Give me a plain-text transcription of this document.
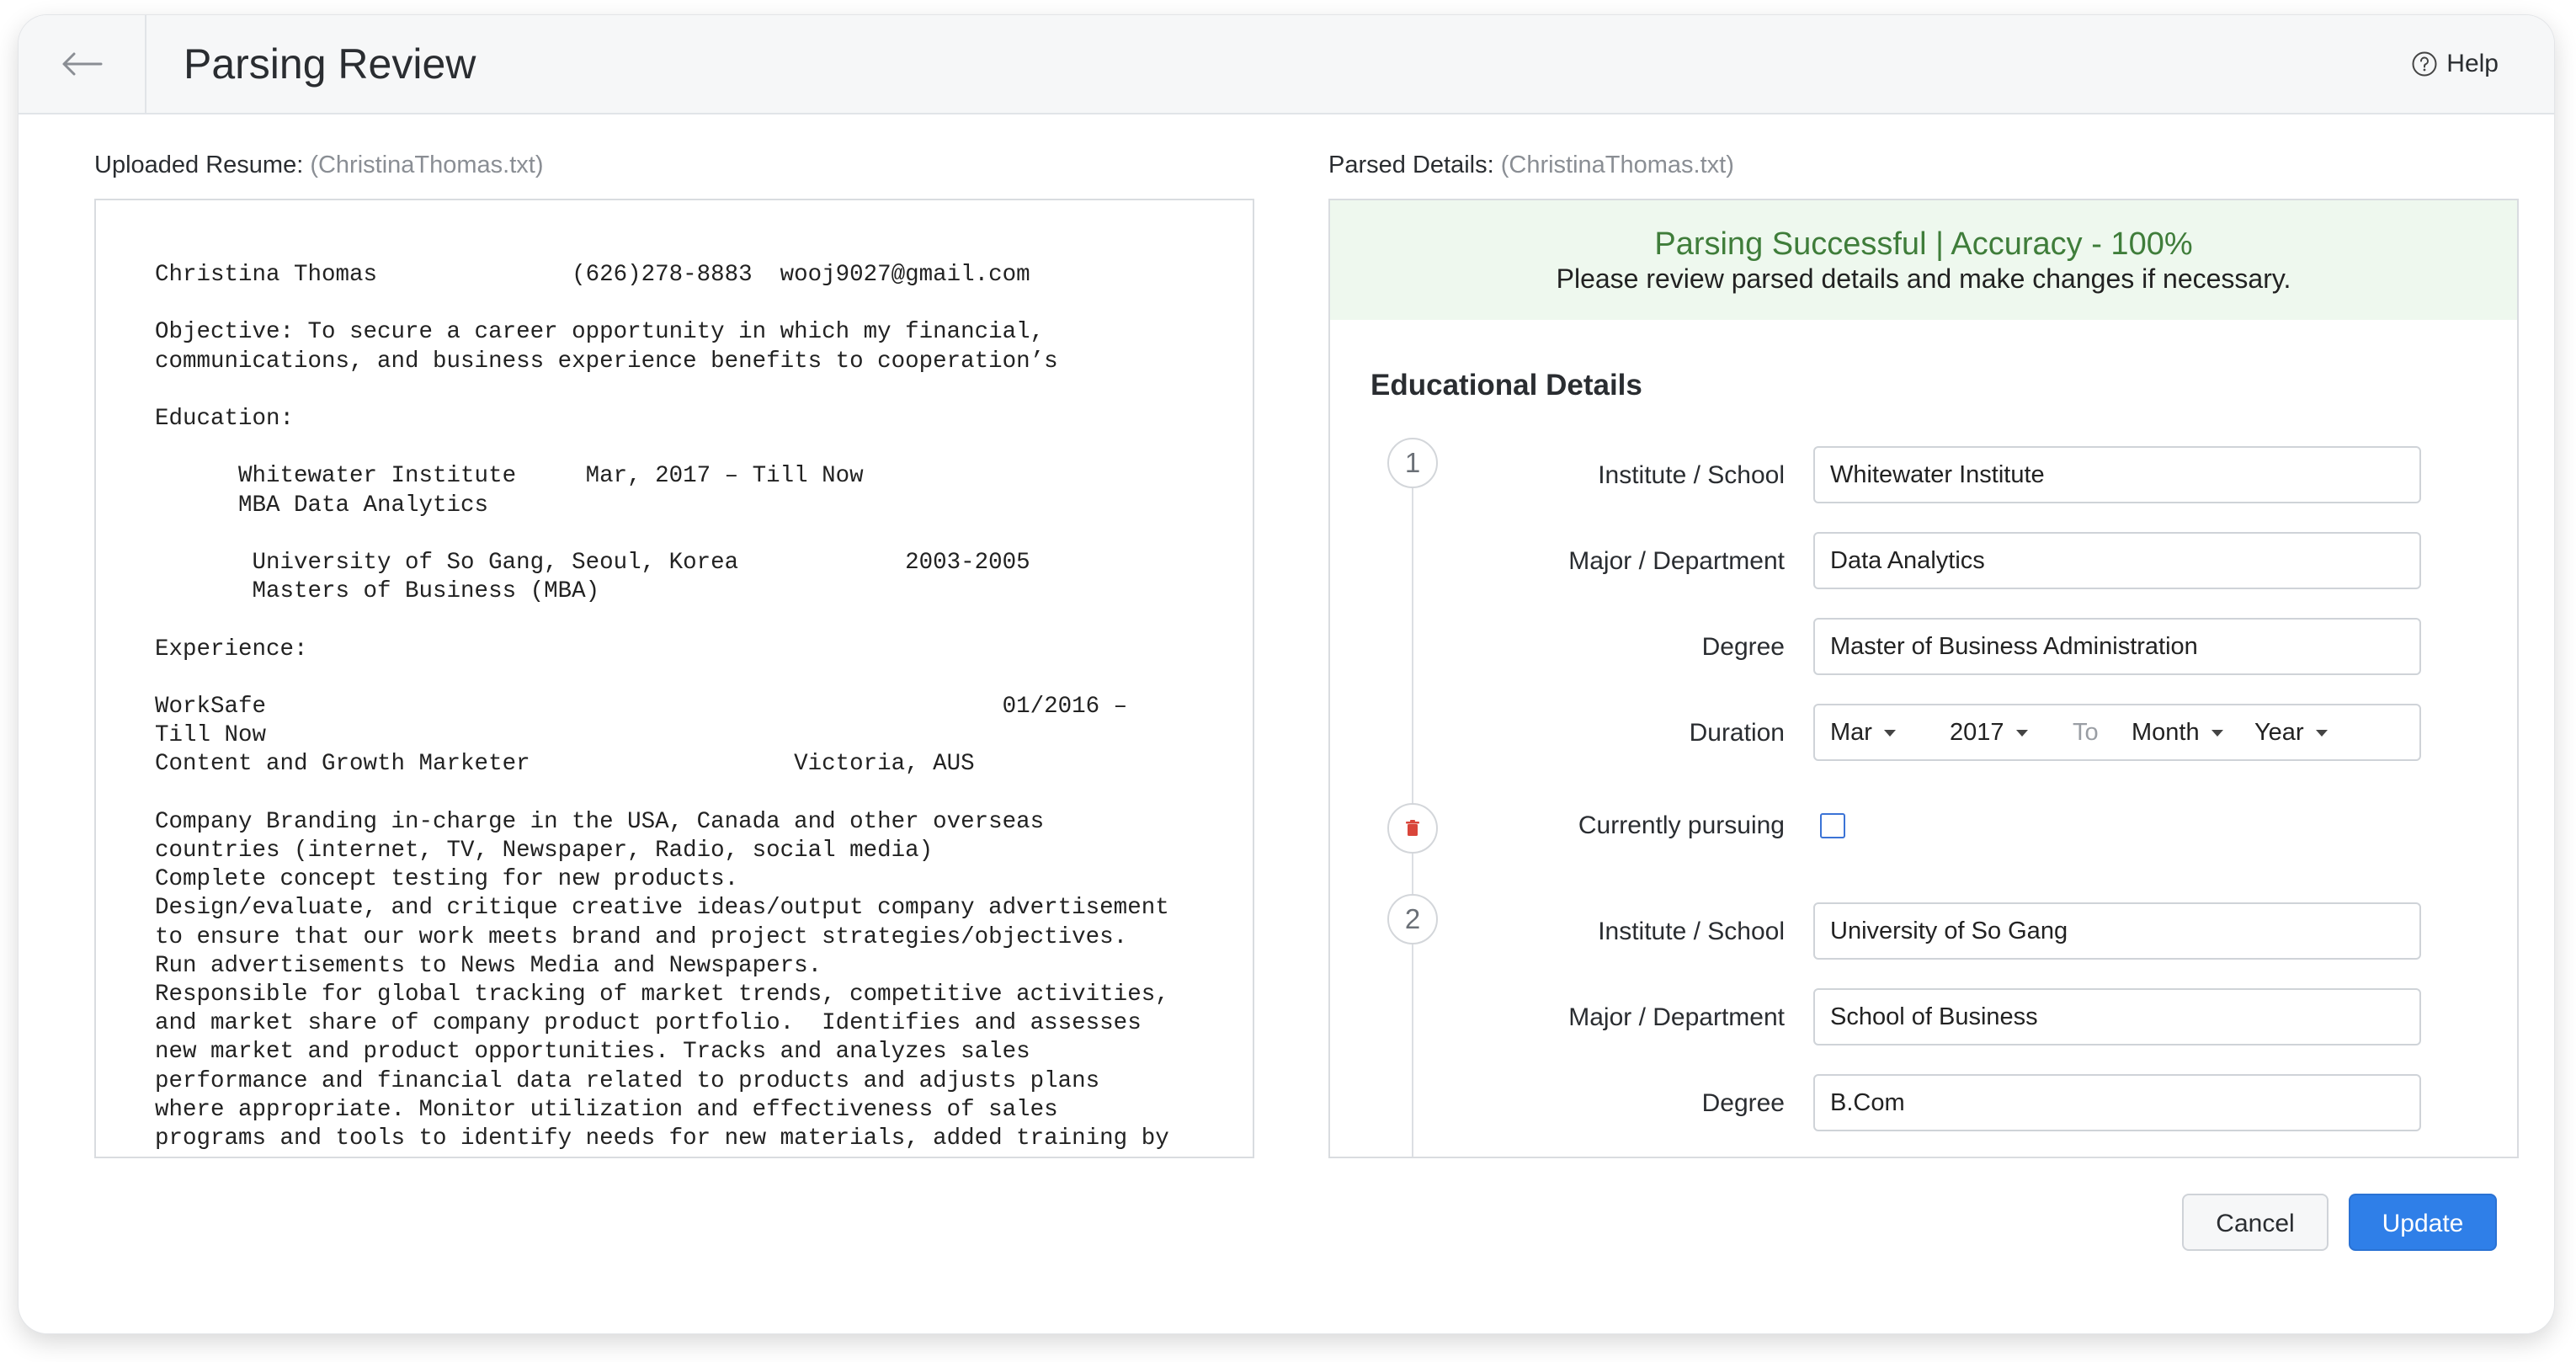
Parsing Review	Help
Uploaded Resume: (ChristinaThomas.txt)	Parsed Details: (ChristinaThomas.txt)
Christina Thomas              (626)278-8883  wooj9027@gmail.com

Objective: To secure a career opportunity in which my financial,
communications, and business experience benefits to cooperation’s

Education:

Whitewater Institute     Mar, 2017 – Till Now
MBA Data Analytics

University of So Gang, Seoul, Korea            2003-2005
Masters of Business (MBA)

Experience:

WorkSafe                                                     01/2016 –
Till Now
Content and Growth Marketer                   Victoria, AUS

Company Branding in-charge in the USA, Canada and other overseas
countries (internet, TV, Newspaper, Radio, social media)
Complete concept testing for new products.
Design/evaluate, and critique creative ideas/output company advertisement
to ensure that our work meets brand and project strategies/objectives.
Run advertisements to News Media and Newspapers.
Responsible for global tracking of market trends, competitive activities,
and market share of company product portfolio.  Identifies and assesses
new market and product opportunities. Tracks and analyzes sales
performance and financial data related to products and adjusts plans
where appropriate. Monitor utilization and effectiveness of sales
programs and tools to identify needs for new materials, added training by
Parsing Successful | Accuracy - 100%
Please review parsed details and make changes if necessary.
Educational Details
1	Institute / School	Whitewater Institute
Major / Department	Data Analytics
Degree	Master of Business Administration
Duration Mar	2017	To Month	Year
Currently pursuing
2	Institute / School	University of So Gang
Major / Department	School of Business
Degree	B.Com
Cancel	Update
